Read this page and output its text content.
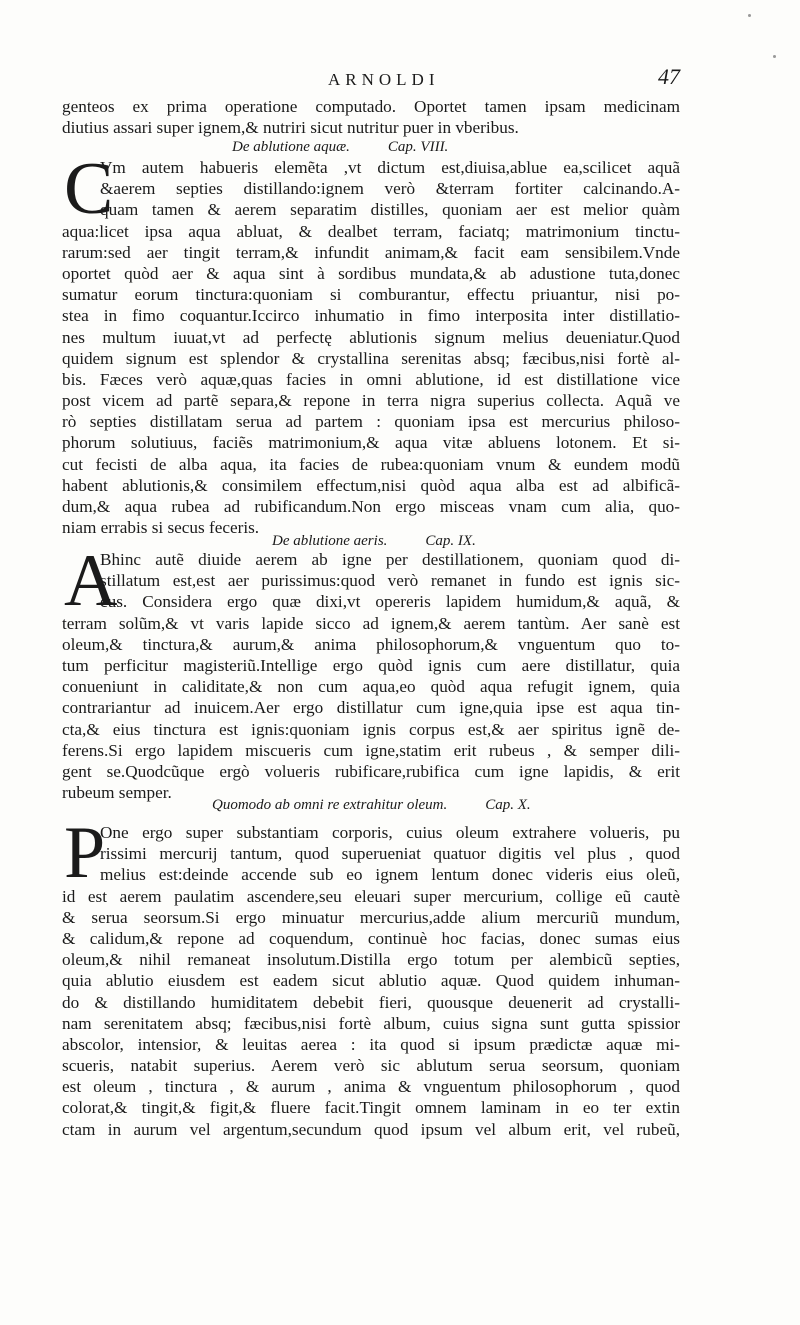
ARNOLDI	47
genteos ex prima operatione computado. Oportet tamen ipsam medicinam
diutius assari super ignem,& nutriri sicut nutritur puer in vberibus.
De ablutione aquæ.	Cap. VIII.
C
Vm autem habueris elemẽta ,vt dictum est,diuisa,ablue ea,scilicet aquã
&aerem septies distillando:ignem verò &terram fortiter calcinando.A-
quam tamen & aerem separatim distilles, quoniam aer est melior quàm
aqua:licet ipsa aqua abluat, & dealbet terram, faciatq; matrimonium tinctu-
rarum:sed aer tingit terram,& infundit animam,& facit eam sensibilem.Vnde
oportet quòd aer & aqua sint à sordibus mundata,& ab adustione tuta,donec
sumatur eorum tinctura:quoniam si comburantur, effectu priuantur, nisi po-
stea in fimo coquantur.Iccirco inhumatio in fimo interposita inter distillatio-
nes multum iuuat,vt ad perfectę ablutionis signum melius deueniatur.Quod
quidem signum est splendor & crystallina serenitas absq; fæcibus,nisi fortè al-
bis. Fæces verò aquæ,quas facies in omni ablutione, id est distillatione vice
post vicem ad partẽ separa,& repone in terra nigra superius collecta. Aquã ve
rò septies distillatam serua ad partem : quoniam ipsa est mercurius philoso-
phorum solutiuus, faciẽs matrimonium,& aqua vitæ abluens lotonem. Et si-
cut fecisti de alba aqua, ita facies de rubea:quoniam vnum & eundem modũ
habent ablutionis,& consimilem effectum,nisi quòd aqua alba est ad albificã-
dum,& aqua rubea ad rubificandum.Non ergo misceas vnam cum alia, quo-
niam errabis si secus feceris.
De ablutione aeris.	Cap. IX.
A
Bhinc autẽ diuide aerem ab igne per destillationem, quoniam quod di-
stillatum est,est aer purissimus:quod verò remanet in fundo est ignis sic-
cus. Considera ergo quæ dixi,vt opereris lapidem humidum,& aquã, &
terram solũm,& vt varis lapide sicco ad ignem,& aerem tantùm. Aer sanè est
oleum,& tinctura,& aurum,& anima philosophorum,& vnguentum quo to-
tum perficitur magisteriũ.Intellige ergo quòd ignis cum aere distillatur, quia
conueniunt in caliditate,& non cum aqua,eo quòd aqua refugit ignem, quia
contrariantur ad inuicem.Aer ergo distillatur cum igne,quia ipse est aqua tin-
cta,& eius tinctura est ignis:quoniam ignis corpus est,& aer spiritus ignẽ de-
ferens.Si ergo lapidem miscueris cum igne,statim erit rubeus , & semper dili-
gent se.Quodcũque ergò volueris rubificare,rubifica cum igne lapidis, & erit
rubeum semper.
Quomodo ab omni re extrahitur oleum.	Cap. X.
P
One ergo super substantiam corporis, cuius oleum extrahere volueris, pu
rissimi mercurij tantum, quod superueniat quatuor digitis vel plus , quod
melius est:deinde accende sub eo ignem lentum donec videris eius oleũ,
id est aerem paulatim ascendere,seu eleuari super mercurium, collige eũ cautè
& serua seorsum.Si ergo minuatur mercurius,adde alium mercuriũ mundum,
& calidum,& repone ad coquendum, continuè hoc facias, donec sumas eius
oleum,& nihil remaneat insolutum.Distilla ergo totum per alembicũ septies,
quia ablutio eiusdem est eadem sicut ablutio aquæ. Quod quidem inhuman-
do & distillando humiditatem debebit fieri, quousque deuenerit ad crystalli-
nam serenitatem absq; fæcibus,nisi fortè album, cuius signa sunt gutta spissior
abscolor, intensior, & leuitas aerea : ita quod si ipsum prædictæ aquæ mi-
scueris, natabit superius. Aerem verò sic ablutum serua seorsum, quoniam
est oleum , tinctura , & aurum , anima & vnguentum philosophorum , quod
colorat,& tingit,& figit,& fluere facit.Tingit omnem laminam in eo ter extin
ctam in aurum vel argentum,secundum quod ipsum vel album erit, vel rubeũ,
